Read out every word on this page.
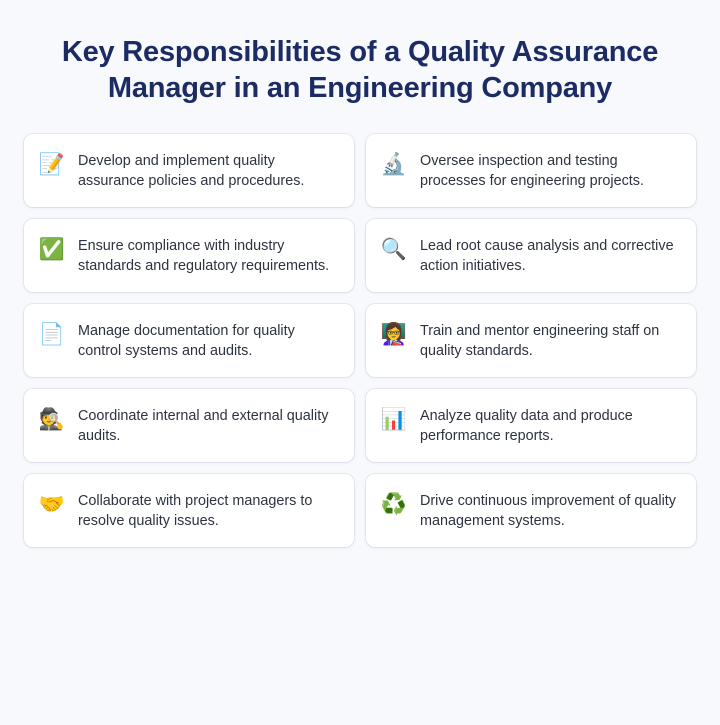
Key Responsibilities of a Quality Assurance Manager in an Engineering Company
📝 Develop and implement quality assurance policies and procedures.
🔬 Oversee inspection and testing processes for engineering projects.
✅ Ensure compliance with industry standards and regulatory requirements.
🔍 Lead root cause analysis and corrective action initiatives.
📄 Manage documentation for quality control systems and audits.
👩‍🏫 Train and mentor engineering staff on quality standards.
🕵️ Coordinate internal and external quality audits.
📊 Analyze quality data and produce performance reports.
🤝 Collaborate with project managers to resolve quality issues.
♻️ Drive continuous improvement of quality management systems.
